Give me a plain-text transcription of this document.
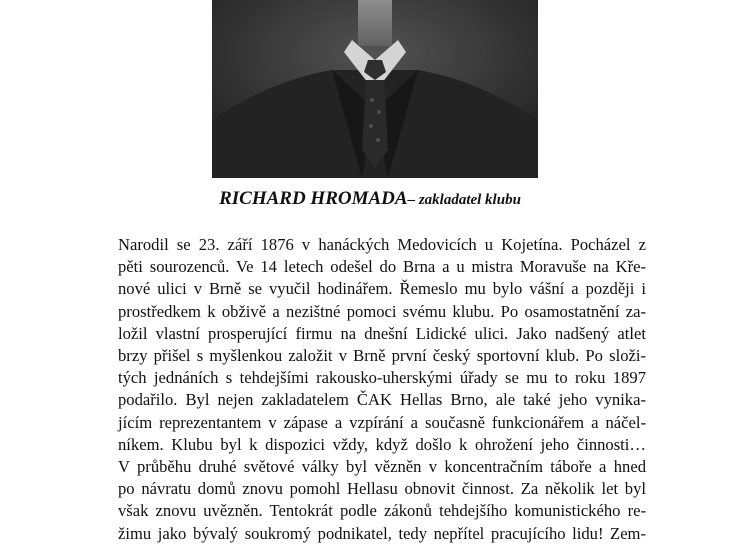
RICHARD HROMADA– zakladatel klubu
Narodil se 23. září 1876 v hanáckých Medovicích u Kojetína. Pocházel z
pěti sourozenců. Ve 14 letech odešel do Brna a u mistra Moravuše na Kře-
nové ulici v Brně se vyučil hodinářem. Řemeslo mu bylo vášní a později i
prostředkem k obživě a nezištné pomoci svému klubu. Po osamostatnění za-
ložil vlastní prosperující firmu na dnešní Lidické ulici. Jako nadšený atlet
brzy přišel s myšlenkou založit v Brně první český sportovní klub. Po složi-
tých jednáních s tehdejšími rakousko-uherskými úřady se mu to roku 1897
podařilo. Byl nejen zakladatelem ČAK Hellas Brno, ale také jeho vynika-
jícím reprezentantem v zápase a vzpírání a současně funkcionářem a náčel-
níkem. Klubu byl k dispozici vždy, když došlo k ohrožení jeho činnosti…
V průběhu druhé světové války byl vězněn v koncentračním táboře a hned
po návratu domů znovu pomohl Hellasu obnovit činnost. Za několik let byl
však znovu uvězněn. Tentokrát podle zákonů tehdejšího komunistického re-
žimu jako bývalý soukromý podnikatel, tedy nepřítel pracujícího lidu! Zem-
